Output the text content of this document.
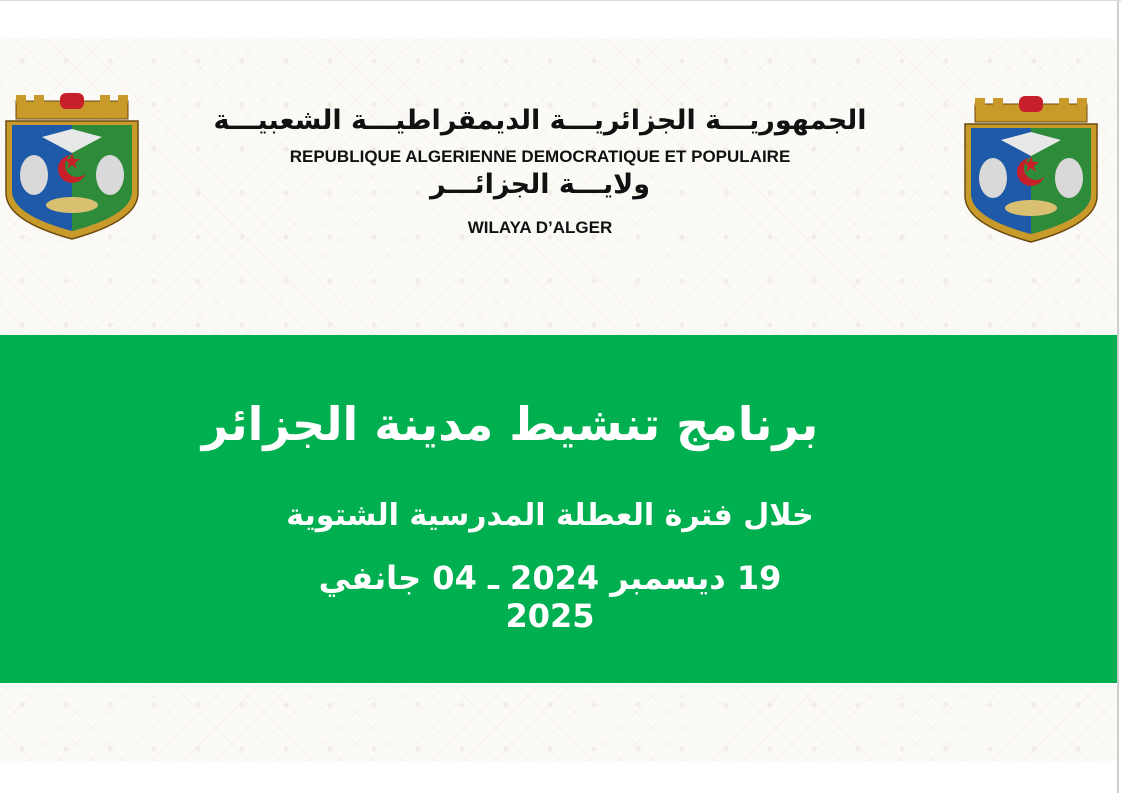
الجمهوريـــة الجزائريـــة الديمقراطيـــة الشعبيـــة
REPUBLIQUE ALGERIENNE DEMOCRATIQUE ET POPULAIRE
ولايـــة الجزائـــر
WILAYA D’ALGER
برنامج تنشيط مدينة الجزائر
خلال فترة العطلة المدرسية الشتوية
19 ديسمبر 2024 ـ 04 جانفي 2025
